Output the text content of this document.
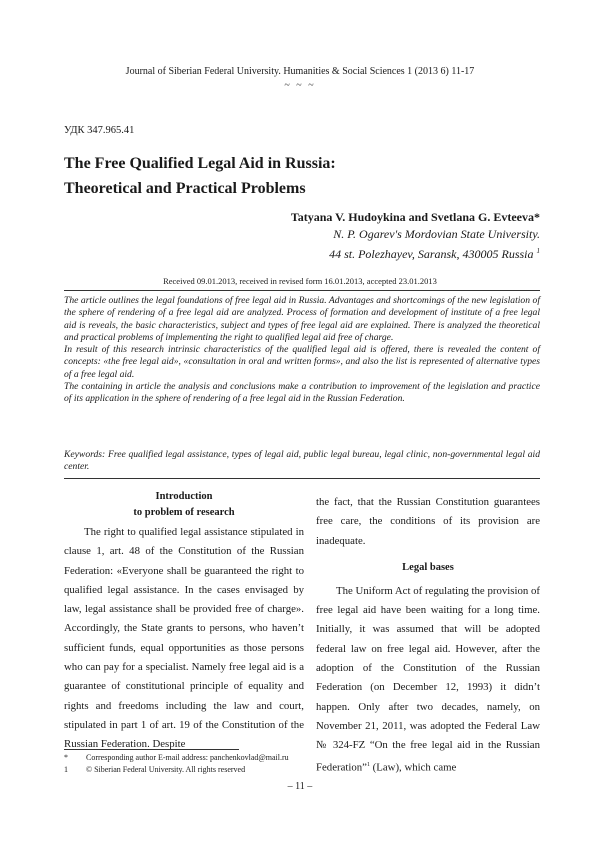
Journal of Siberian Federal University. Humanities & Social Sciences 1 (2013 6) 11-17
~ ~ ~
УДК 347.965.41
The Free Qualified Legal Aid in Russia:
Theoretical and Practical Problems
Tatyana V. Hudoykina and Svetlana G. Evteeva*
N. P. Ogarev's Mordovian State University.
44 st. Polezhayev, Saransk, 430005 Russia $^1$
Received 09.01.2013, received in revised form 16.01.2013, accepted 23.01.2013

The article outlines the legal foundations of free legal aid in Russia. Advantages and shortcomings of the new legislation of the sphere of rendering of a free legal aid are analyzed. Process of formation and development of institute of a free legal aid is reveals, the basic characteristics, subject and types of free legal aid are explained. There is analyzed the theoretical and practical problems of implementing the right to qualified legal aid free of charge.

In result of this research intrinsic characteristics of the qualified legal aid is offered, there is revealed the content of concepts: «the free legal aid», «consultation in oral and written forms», and also the list is represented of alternative types of a free legal aid.

The containing in article the analysis and conclusions make a contribution to improvement of the legislation and practice of its application in the sphere of rendering of a free legal aid in the Russian Federation.

Keywords: Free qualified legal assistance, types of legal aid, public legal bureau, legal clinic, non-governmental legal aid center.
Introduction
to problem of research

The right to qualified legal assistance stipulated in clause 1, art. 48 of the Constitution of the Russian Federation: «Everyone shall be guaranteed the right to qualified legal assistance. In the cases envisaged by law, legal assistance shall be provided free of charge». Accordingly, the State grants to persons, who haven’t sufficient funds, equal opportunities as those persons who can pay for a specialist. Namely free legal aid is a guarantee of constitutional principle of equality and rights and freedoms including the law and court, stipulated in part 1 of art. 19 of the Constitution of the Russian Federation. Despite

the fact, that the Russian Constitution guarantees free care, the conditions of its provision are inadequate.

Legal bases

The Uniform Act of regulating the provision of free legal aid have been waiting for a long time. Initially, it was assumed that will be adopted federal law on free legal aid. However, after the adoption of the Constitution of the Russian Federation (on December 12, 1993) it didn’t happen. Only after two decades, namely, on November 21, 2011, was adopted the Federal Law № 324-FZ “On the free legal aid in the Russian Federation”$^1$ (Law), which came

*	Corresponding author E-mail address: panchenkovlad@mail.ru
1	© Siberian Federal University. All rights reserved
– 11 –
